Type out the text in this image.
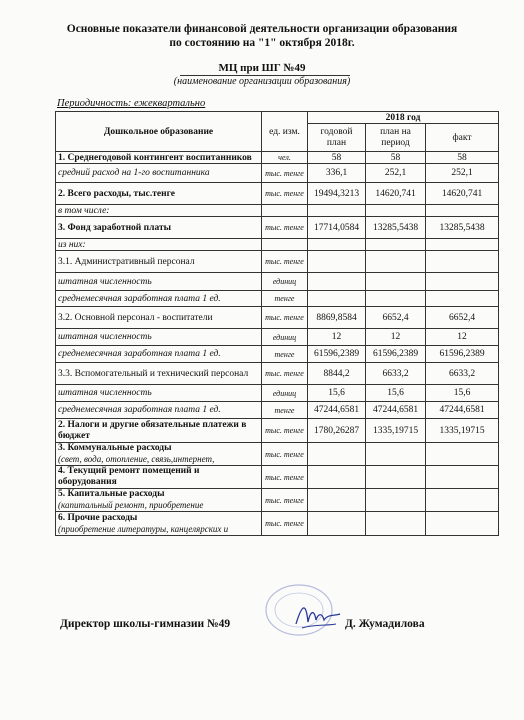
Основные показатели финансовой деятельности организации образования
по состоянию на "1" октября 2018г.
МЦ при ШГ №49
(наименование организации образования)
Периодичность: ежеквартально
Дошкольное образование	ед. изм.	2018 год		
		годовой план	план на период	факт
1. Среднегодовой контингент воспитанников	чел.	58	58	58
средний расход на 1-го воспитанника	тыс. тенге	336,1	252,1	252,1
2. Всего расходы, тыс.тенге	тыс. тенге	19494,3213	14620,741	14620,741
в том числе:				
3. Фонд заработной платы	тыс. тенге	17714,0584	13285,5438	13285,5438
из них:				
3.1. Административный персонал	тыс. тенге			
штатная численность	единиц			
среднемесячная заработная плата 1 ед.	тенге			
3.2. Основной персонал - воспитатели	тыс. тенге	8869,8584	6652,4	6652,4
штатная численность	единиц	12	12	12
среднемесячная заработная плата 1 ед.	тенге	61596,2389	61596,2389	61596,2389
3.3. Вспомогательный и технический персонал	тыс. тенге	8844,2	6633,2	6633,2
штатная численность	единиц	15,6	15,6	15,6
среднемесячная заработная плата 1 ед.	тенге	47244,6581	47244,6581	47244,6581
2. Налоги и другие обязательные платежи в бюджет	тыс. тенге	1780,26287	1335,19715	1335,19715

3. Коммунальные расходы
(свет, вода, отопление, связь,интернет,	тыс. тенге			
4. Текущий ремонт помещений и оборудования	тыс. тенге			

5. Капитальные расходы
(капитальный ремонт, приобретение	тыс. тенге			

6. Прочие расходы
(приобретение литературы, канцелярских и	тыс. тенге			
Директор школы-гимназии №49	Д. Жумадилова
